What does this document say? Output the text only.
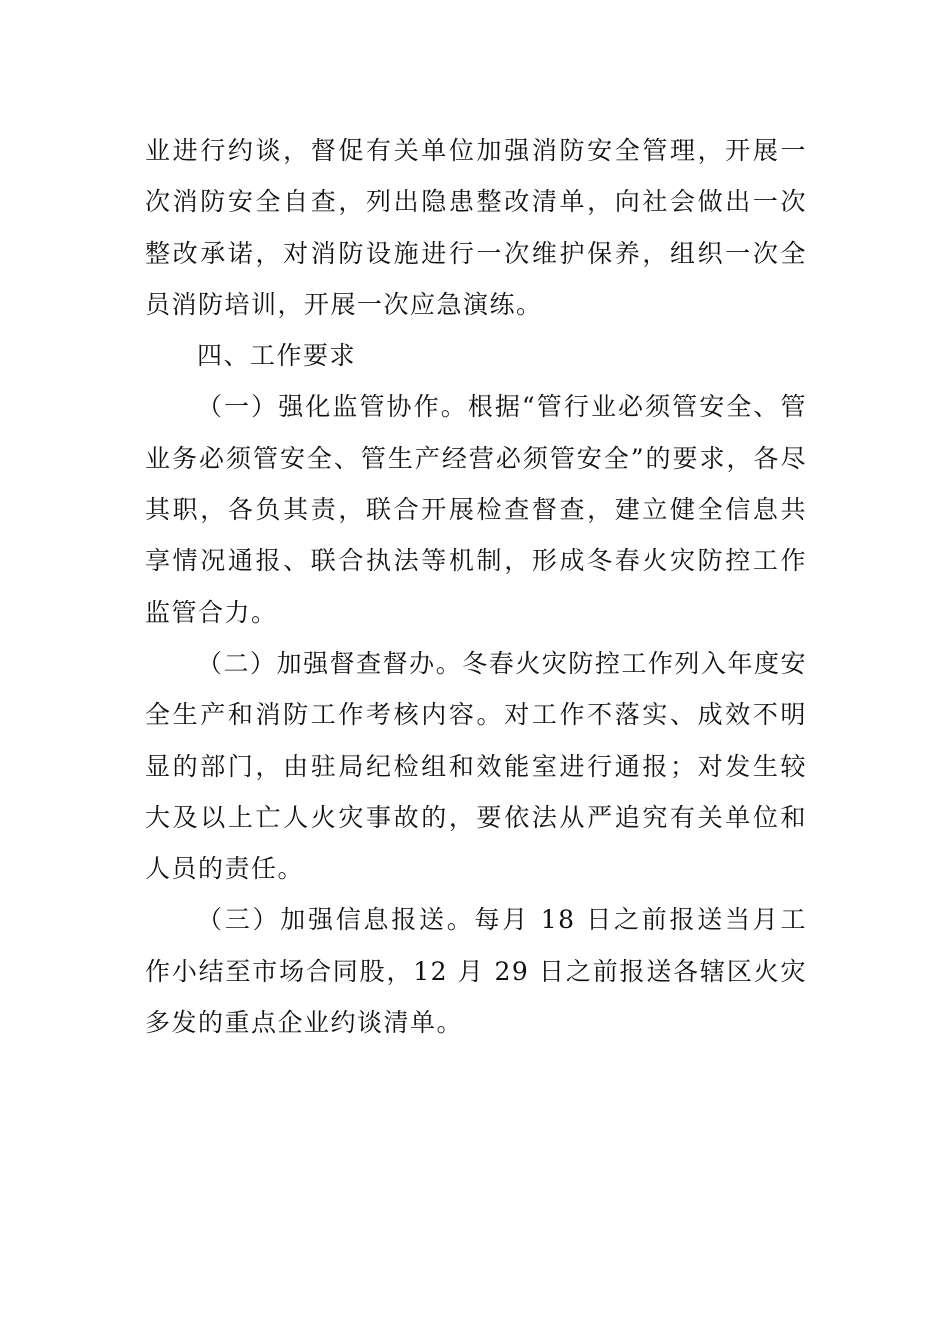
业进行约谈，督促有关单位加强消防安全管理，开展一次消防安全自查，列出隐患整改清单，向社会做出一次整改承诺，对消防设施进行一次维护保养，组织一次全员消防培训，开展一次应急演练。

四、工作要求

（一）强化监管协作。根据“管行业必须管安全、管业务必须管安全、管生产经营必须管安全”的要求，各尽其职，各负其责，联合开展检查督查，建立健全信息共享情况通报、联合执法等机制，形成冬春火灾防控工作监管合力。

（二）加强督查督办。冬春火灾防控工作列入年度安全生产和消防工作考核内容。对工作不落实、成效不明显的部门，由驻局纪检组和效能室进行通报；对发生较大及以上亡人火灾事故的，要依法从严追究有关单位和人员的责任。

（三）加强信息报送。每月 18 日之前报送当月工作小结至市场合同股，12 月 29 日之前报送各辖区火灾多发的重点企业约谈清单。
